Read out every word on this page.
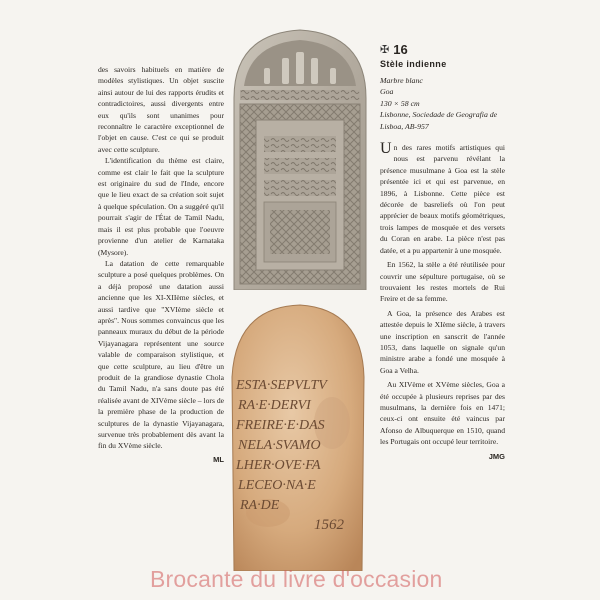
des savoirs habituels en matière de modèles stylistiques. Un objet suscite ainsi autour de lui des rapports érudits et contradictoires, aussi divergents entre eux qu'ils sont unanimes pour reconnaître le caractère exceptionnel de l'objet en cause. C'est ce qui se produit avec cette sculpture.

L'identification du thème est claire, comme est clair le fait que la sculpture est originaire du sud de l'Inde, encore que le lieu exact de sa création soit sujet à quelque spéculation. On a suggéré qu'il pourrait s'agir de l'État de Tamil Nadu, mais il est plus probable que l'oeuvre provienne d'un atelier de Karnataka (Mysore).

La datation de cette remarquable sculpture a posé quelques problèmes. On a déjà proposé une datation aussi ancienne que les XI-XIIème siècles, et aussi tardive que "XVIème siècle et après". Nous sommes convaincus que les panneaux muraux du début de la période Vijayanagara représentent une source valable de comparaison stylistique, et que cette sculpture, au lieu d'être un produit de la grandiose dynastie Chola du Tamil Nadu, n'a sans doute pas été réalisée avant de XIVème siècle – lors de la première phase de la production de sculptures de la dynastie Vijayanagara, survenue très probablement dès avant la fin du XVème siècle.

ML
ESTA·SEPVLTV
RA·E·DERVI
FREIRE·E·DAS
NELA·SVAMO
LHER·OVE·FA
LECEO·NA·E
RA·DE
1562
✠ 16
Stèle indienne
Marbre blanc
Goa
130 × 58 cm
Lisbonne, Sociedade de Geografia de Lisboa, AB-957

Un des rares motifs artistiques qui nous est parvenu révélant la présence musulmane à Goa est la stèle présentée ici et qui est parvenue, en 1896, à Lisbonne. Cette pièce est décorée de basreliefs où l'on peut apprécier de beaux motifs géométriques, trois lampes de mosquée et des versets du Coran en arabe. La pièce n'est pas datée, et a pu appartenir à une mosquée.

En 1562, la stèle a été réutilisée pour couvrir une sépulture portugaise, où se trouvaient les restes mortels de Rui Freire et de sa femme.

A Goa, la présence des Arabes est attestée depuis le XIème siècle, à travers une inscription en sanscrit de l'année 1053, dans laquelle on signale qu'un ministre arabe a fondé une mosquée à Goa a Velha.

Au XIVème et XVème siècles, Goa a été occupée à plusieurs reprises par des musulmans, la dernière fois en 1471; ceux-ci ont ensuite été vaincus par Afonso de Albuquerque en 1510, quand les Portugais ont occupé leur territoire.

JMG
Brocante du livre d'occasion
